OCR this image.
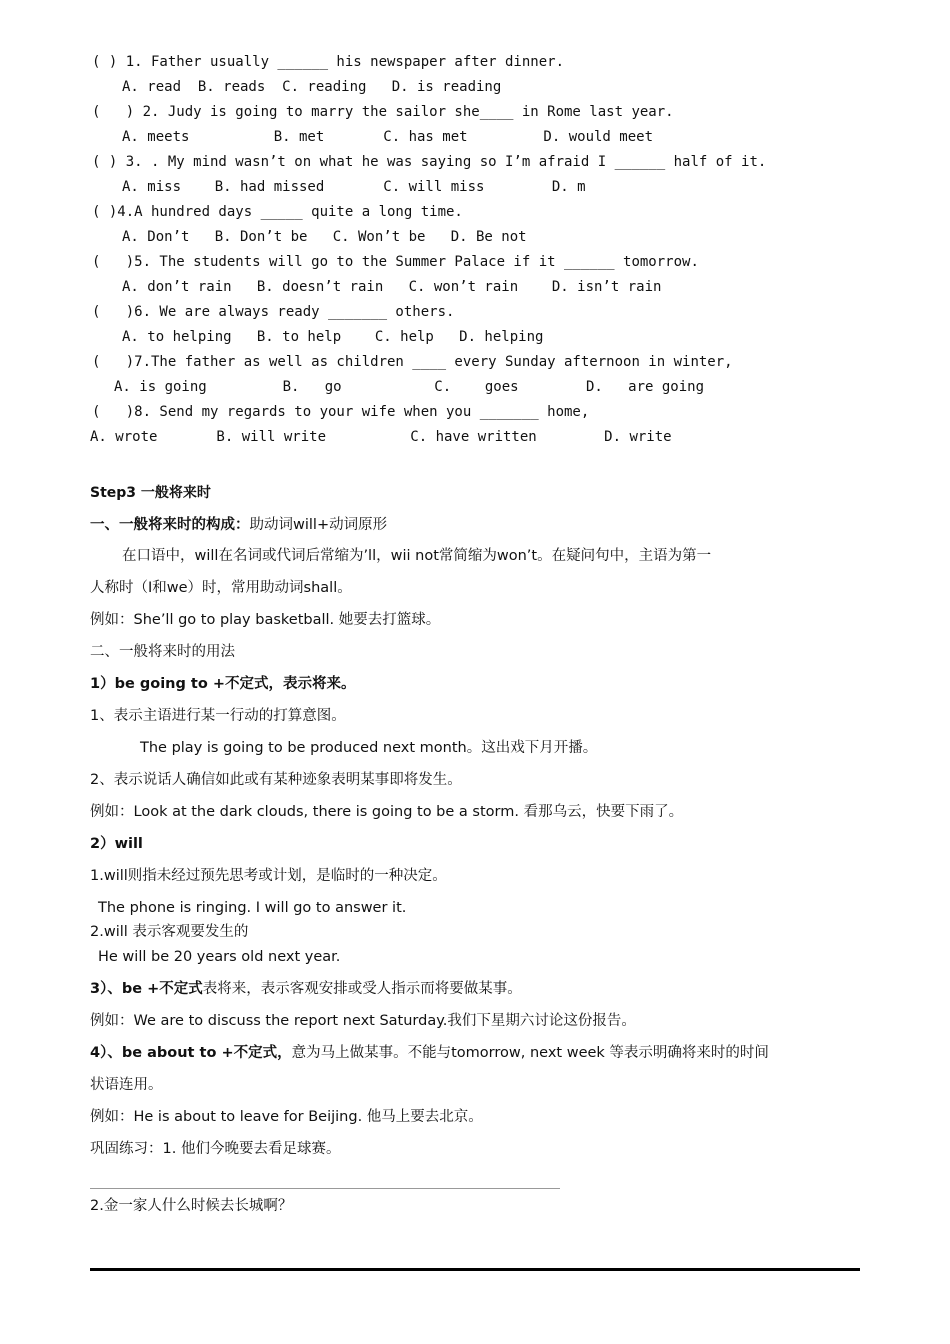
( ) 1. Father usually ______ his newspaper after dinner.
A. read  B. reads  C. reading   D. is reading
(   ) 2. Judy is going to marry the sailor she____ in Rome last year.
A. meets          B. met       C. has met         D. would meet
( ) 3. . My mind wasn’t on what he was saying so I’m afraid I ______ half of it.
A. miss    B. had missed       C. will miss        D. m
( )4.A hundred days _____ quite a long time.
A. Don’t   B. Don’t be   C. Won’t be   D. Be not
(   )5. The students will go to the Summer Palace if it ______ tomorrow.
A. don’t rain   B. doesn’t rain   C. won’t rain    D. isn’t rain
(   )6. We are always ready _______ others.
A. to helping   B. to help    C. help   D. helping
(   )7.The father as well as children ____ every Sunday afternoon in winter,
A. is going         B.   go           C.    goes        D.   are going
(   )8. Send my regards to your wife when you _______ home,
A. wrote       B. will write          C. have written        D. write
Step3 一般将来时
一、一般将来时的构成：助动词will+动词原形
在口语中，will在名词或代词后常缩为’ll，wii not常简缩为won’t。在疑问句中，主语为第一
人称时（I和we）时，常用助动词shall。
例如：She’ll go to play basketball. 她要去打篮球。
二、一般将来时的用法
1）be going to +不定式，表示将来。
1、表示主语进行某一行动的打算意图。
The play is going to be produced next month。这出戏下月开播。
2、表示说话人确信如此或有某种迹象表明某事即将发生。
例如：Look at the dark clouds, there is going to be a storm. 看那乌云，快要下雨了。
2）will
1.will则指未经过预先思考或计划，是临时的一种决定。
The phone is ringing. I will go to answer it.
2.will 表示客观要发生的
He will be 20 years old next year.
3）、be +不定式表将来，表示客观安排或受人指示而将要做某事。
例如：We are to discuss the report next Saturday.我们下星期六讨论这份报告。
4）、be about to +不定式，意为马上做某事。不能与tomorrow, next week 等表示明确将来时的时间
状语连用。
例如：He is about to leave for Beijing. 他马上要去北京。
巩固练习：1. 他们今晚要去看足球赛。
2.金一家人什么时候去长城啊？
